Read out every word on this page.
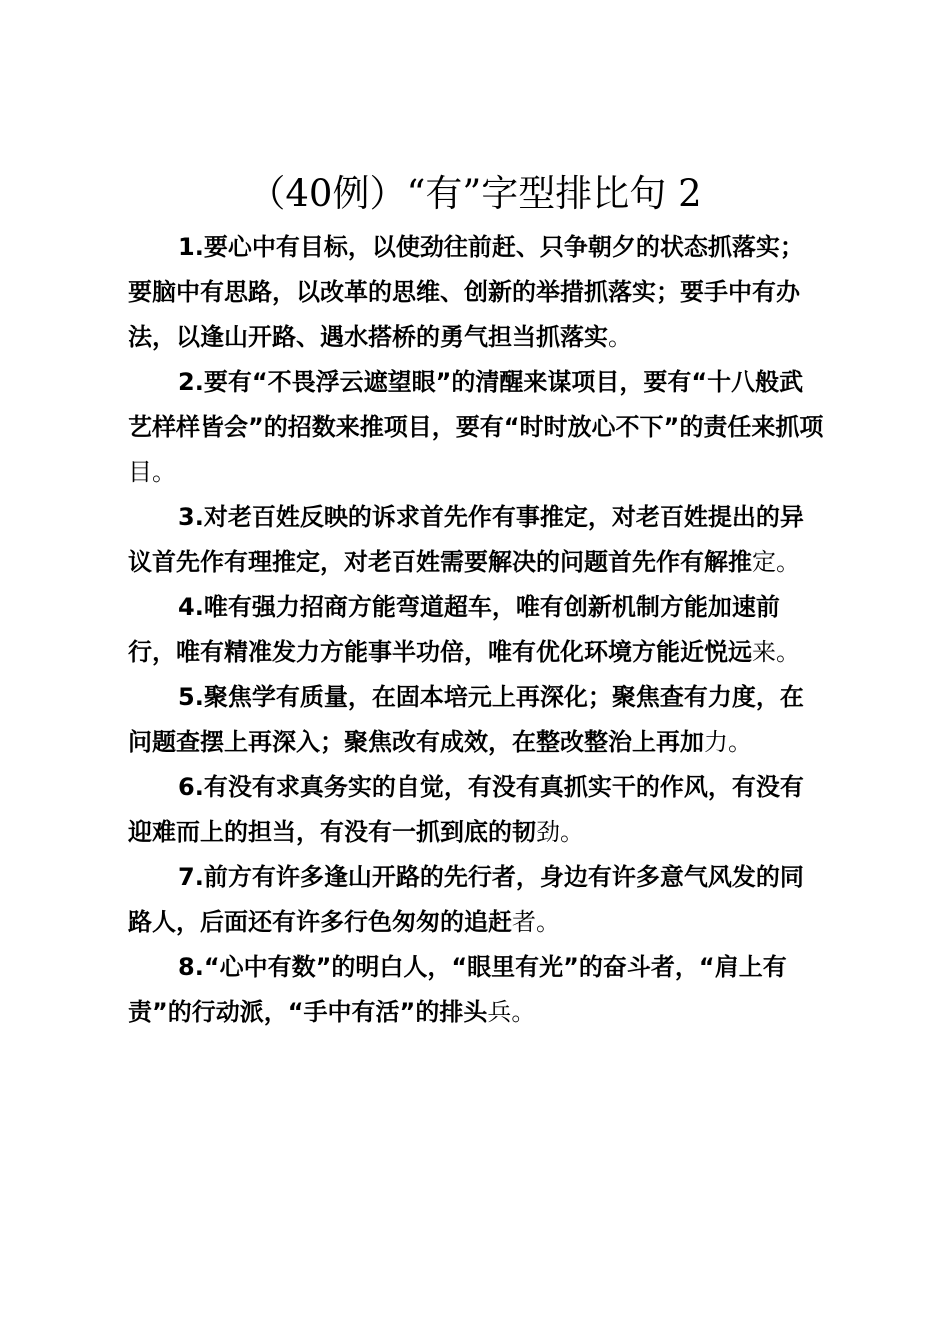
（40例）“有”字型排比句 2

1.要心中有目标，以使劲往前赶、只争朝夕的状态抓落实；要脑中有思路，以改革的思维、创新的举措抓落实；要手中有办法，以逢山开路、遇水搭桥的勇气担当抓落实。

2.要有“不畏浮云遮望眼”的清醒来谋项目，要有“十八般武艺样样皆会”的招数来推项目，要有“时时放心不下”的责任来抓项目。

3.对老百姓反映的诉求首先作有事推定，对老百姓提出的异议首先作有理推定，对老百姓需要解决的问题首先作有解推定。

4.唯有强力招商方能弯道超车，唯有创新机制方能加速前行，唯有精准发力方能事半功倍，唯有优化环境方能近悦远来。

5.聚焦学有质量，在固本培元上再深化；聚焦查有力度，在问题查摆上再深入；聚焦改有成效，在整改整治上再加力。

6.有没有求真务实的自觉，有没有真抓实干的作风，有没有迎难而上的担当，有没有一抓到底的韧劲。

7.前方有许多逢山开路的先行者，身边有许多意气风发的同路人，后面还有许多行色匆匆的追赶者。

8.“心中有数”的明白人，“眼里有光”的奋斗者，“肩上有责”的行动派，“手中有活”的排头兵。
